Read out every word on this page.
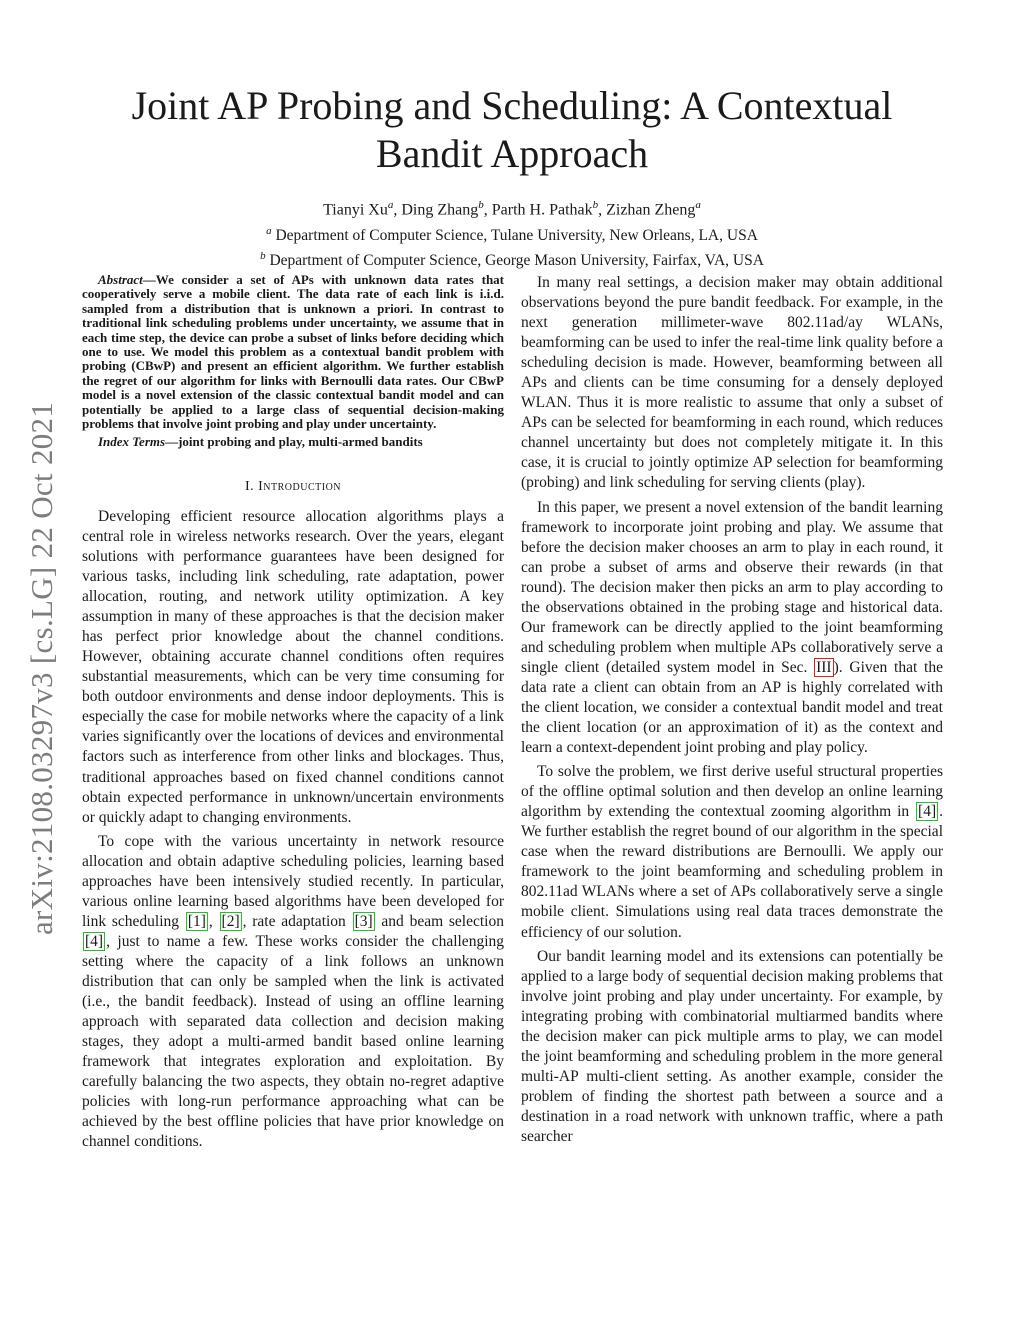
arXiv:2108.03297v3 [cs.LG] 22 Oct 2021
Joint AP Probing and Scheduling: A Contextual
Bandit Approach
Tianyi Xu$^a$, Ding Zhang$^b$, Parth H. Pathak$^b$, Zizhan Zheng$^a$
$^a$ Department of Computer Science, Tulane University, New Orleans, LA, USA
$^b$ Department of Computer Science, George Mason University, Fairfax, VA, USA

Abstract—We consider a set of APs with unknown data rates that cooperatively serve a mobile client. The data rate of each link is i.i.d. sampled from a distribution that is unknown a priori. In contrast to traditional link scheduling problems under uncertainty, we assume that in each time step, the device can probe a subset of links before deciding which one to use. We model this problem as a contextual bandit problem with probing (CBwP) and present an efficient algorithm. We further establish the regret of our algorithm for links with Bernoulli data rates. Our CBwP model is a novel extension of the classic contextual bandit model and can potentially be applied to a large class of sequential decision-making problems that involve joint probing and play under uncertainty.

Index Terms—joint probing and play, multi-armed bandits

I. Introduction

Developing efficient resource allocation algorithms plays a central role in wireless networks research. Over the years, elegant solutions with performance guarantees have been designed for various tasks, including link scheduling, rate adaptation, power allocation, routing, and network utility optimization. A key assumption in many of these approaches is that the decision maker has perfect prior knowledge about the channel conditions. However, obtaining accurate channel conditions often requires substantial measurements, which can be very time consuming for both outdoor environments and dense indoor deployments. This is especially the case for mobile networks where the capacity of a link varies significantly over the locations of devices and environmental factors such as interference from other links and blockages. Thus, traditional approaches based on fixed channel conditions cannot obtain expected performance in unknown/uncertain environments or quickly adapt to changing environments.

To cope with the various uncertainty in network resource allocation and obtain adaptive scheduling policies, learning based approaches have been intensively studied recently. In particular, various online learning based algorithms have been developed for link scheduling [1] , [2] , rate adaptation [3] and beam selection [4] , just to name a few. These works consider the challenging setting where the capacity of a link follows an unknown distribution that can only be sampled when the link is activated (i.e., the bandit feedback). Instead of using an offline learning approach with separated data collection and decision making stages, they adopt a multi-armed bandit based online learning framework that integrates exploration and exploitation. By carefully balancing the two aspects, they obtain no-regret adaptive policies with long-run performance approaching what can be achieved by the best offline policies that have prior knowledge on channel conditions.

In many real settings, a decision maker may obtain additional observations beyond the pure bandit feedback. For example, in the next generation millimeter-wave 802.11ad/ay WLANs, beamforming can be used to infer the real-time link quality before a scheduling decision is made. However, beamforming between all APs and clients can be time consuming for a densely deployed WLAN. Thus it is more realistic to assume that only a subset of APs can be selected for beamforming in each round, which reduces channel uncertainty but does not completely mitigate it. In this case, it is crucial to jointly optimize AP selection for beamforming (probing) and link scheduling for serving clients (play).

In this paper, we present a novel extension of the bandit learning framework to incorporate joint probing and play. We assume that before the decision maker chooses an arm to play in each round, it can probe a subset of arms and observe their rewards (in that round). The decision maker then picks an arm to play according to the observations obtained in the probing stage and historical data. Our framework can be directly applied to the joint beamforming and scheduling problem when multiple APs collaboratively serve a single client (detailed system model in Sec. III ). Given that the data rate a client can obtain from an AP is highly correlated with the client location, we consider a contextual bandit model and treat the client location (or an approximation of it) as the context and learn a context-dependent joint probing and play policy.

To solve the problem, we first derive useful structural properties of the offline optimal solution and then develop an online learning algorithm by extending the contextual zooming algorithm in [4] . We further establish the regret bound of our algorithm in the special case when the reward distributions are Bernoulli. We apply our framework to the joint beamforming and scheduling problem in 802.11ad WLANs where a set of APs collaboratively serve a single mobile client. Simulations using real data traces demonstrate the efficiency of our solution.

Our bandit learning model and its extensions can potentially be applied to a large body of sequential decision making problems that involve joint probing and play under uncertainty. For example, by integrating probing with combinatorial multiarmed bandits where the decision maker can pick multiple arms to play, we can model the joint beamforming and scheduling problem in the more general multi-AP multi-client setting. As another example, consider the problem of finding the shortest path between a source and a destination in a road network with unknown traffic, where a path searcher
